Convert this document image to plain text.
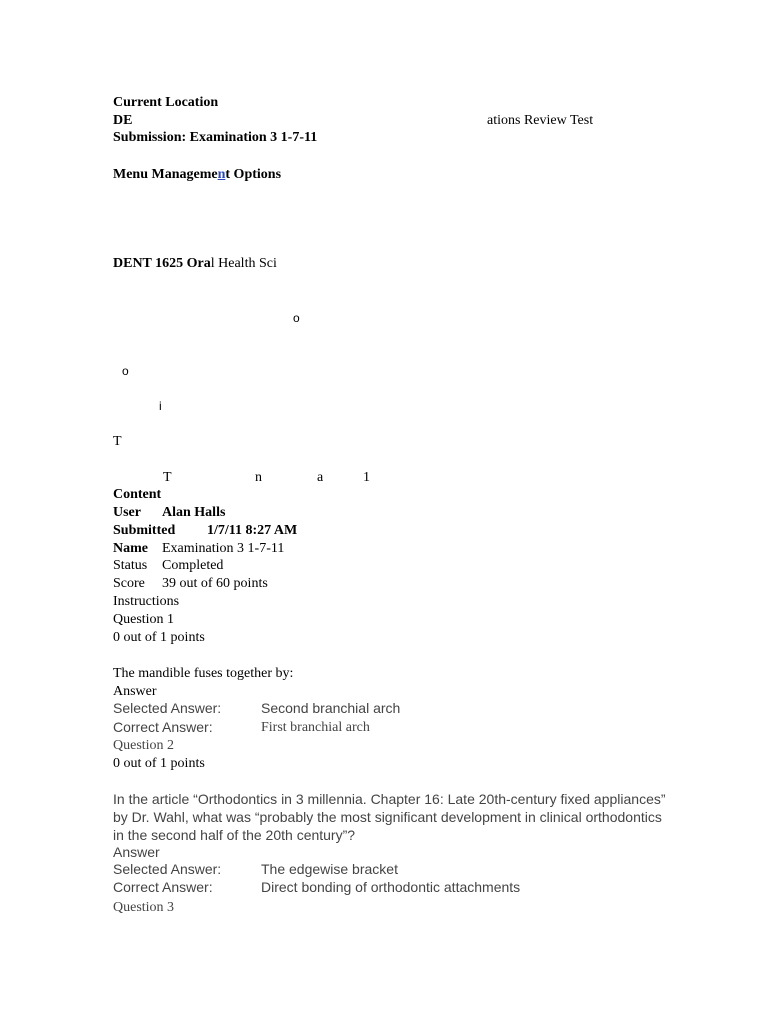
Current Location
DE	ations Review Test
Submission: Examination 3 1-7-11
Menu Management Options
DENT 1625 Oral Health Sci
o
o
i
T
T	n	a	1
Content
User Alan Halls
Submitted 1/7/11 8:27 AM
Name Examination 3 1-7-11
Status Completed
Score 39 out of 60 points
Instructions
Question 1
0 out of 1 points
The mandible fuses together by:
Answer
Selected Answer:	Second branchial arch
Correct Answer:	First branchial arch
Question 2
0 out of 1 points
In the article “Orthodontics in 3 millennia. Chapter 16: Late 20th-century fixed appliances” by Dr. Wahl, what was “probably the most significant development in clinical orthodontics in the second half of the 20th century”?
Answer
Selected Answer:	The edgewise bracket
Correct Answer:	Direct bonding of orthodontic attachments
Question 3
